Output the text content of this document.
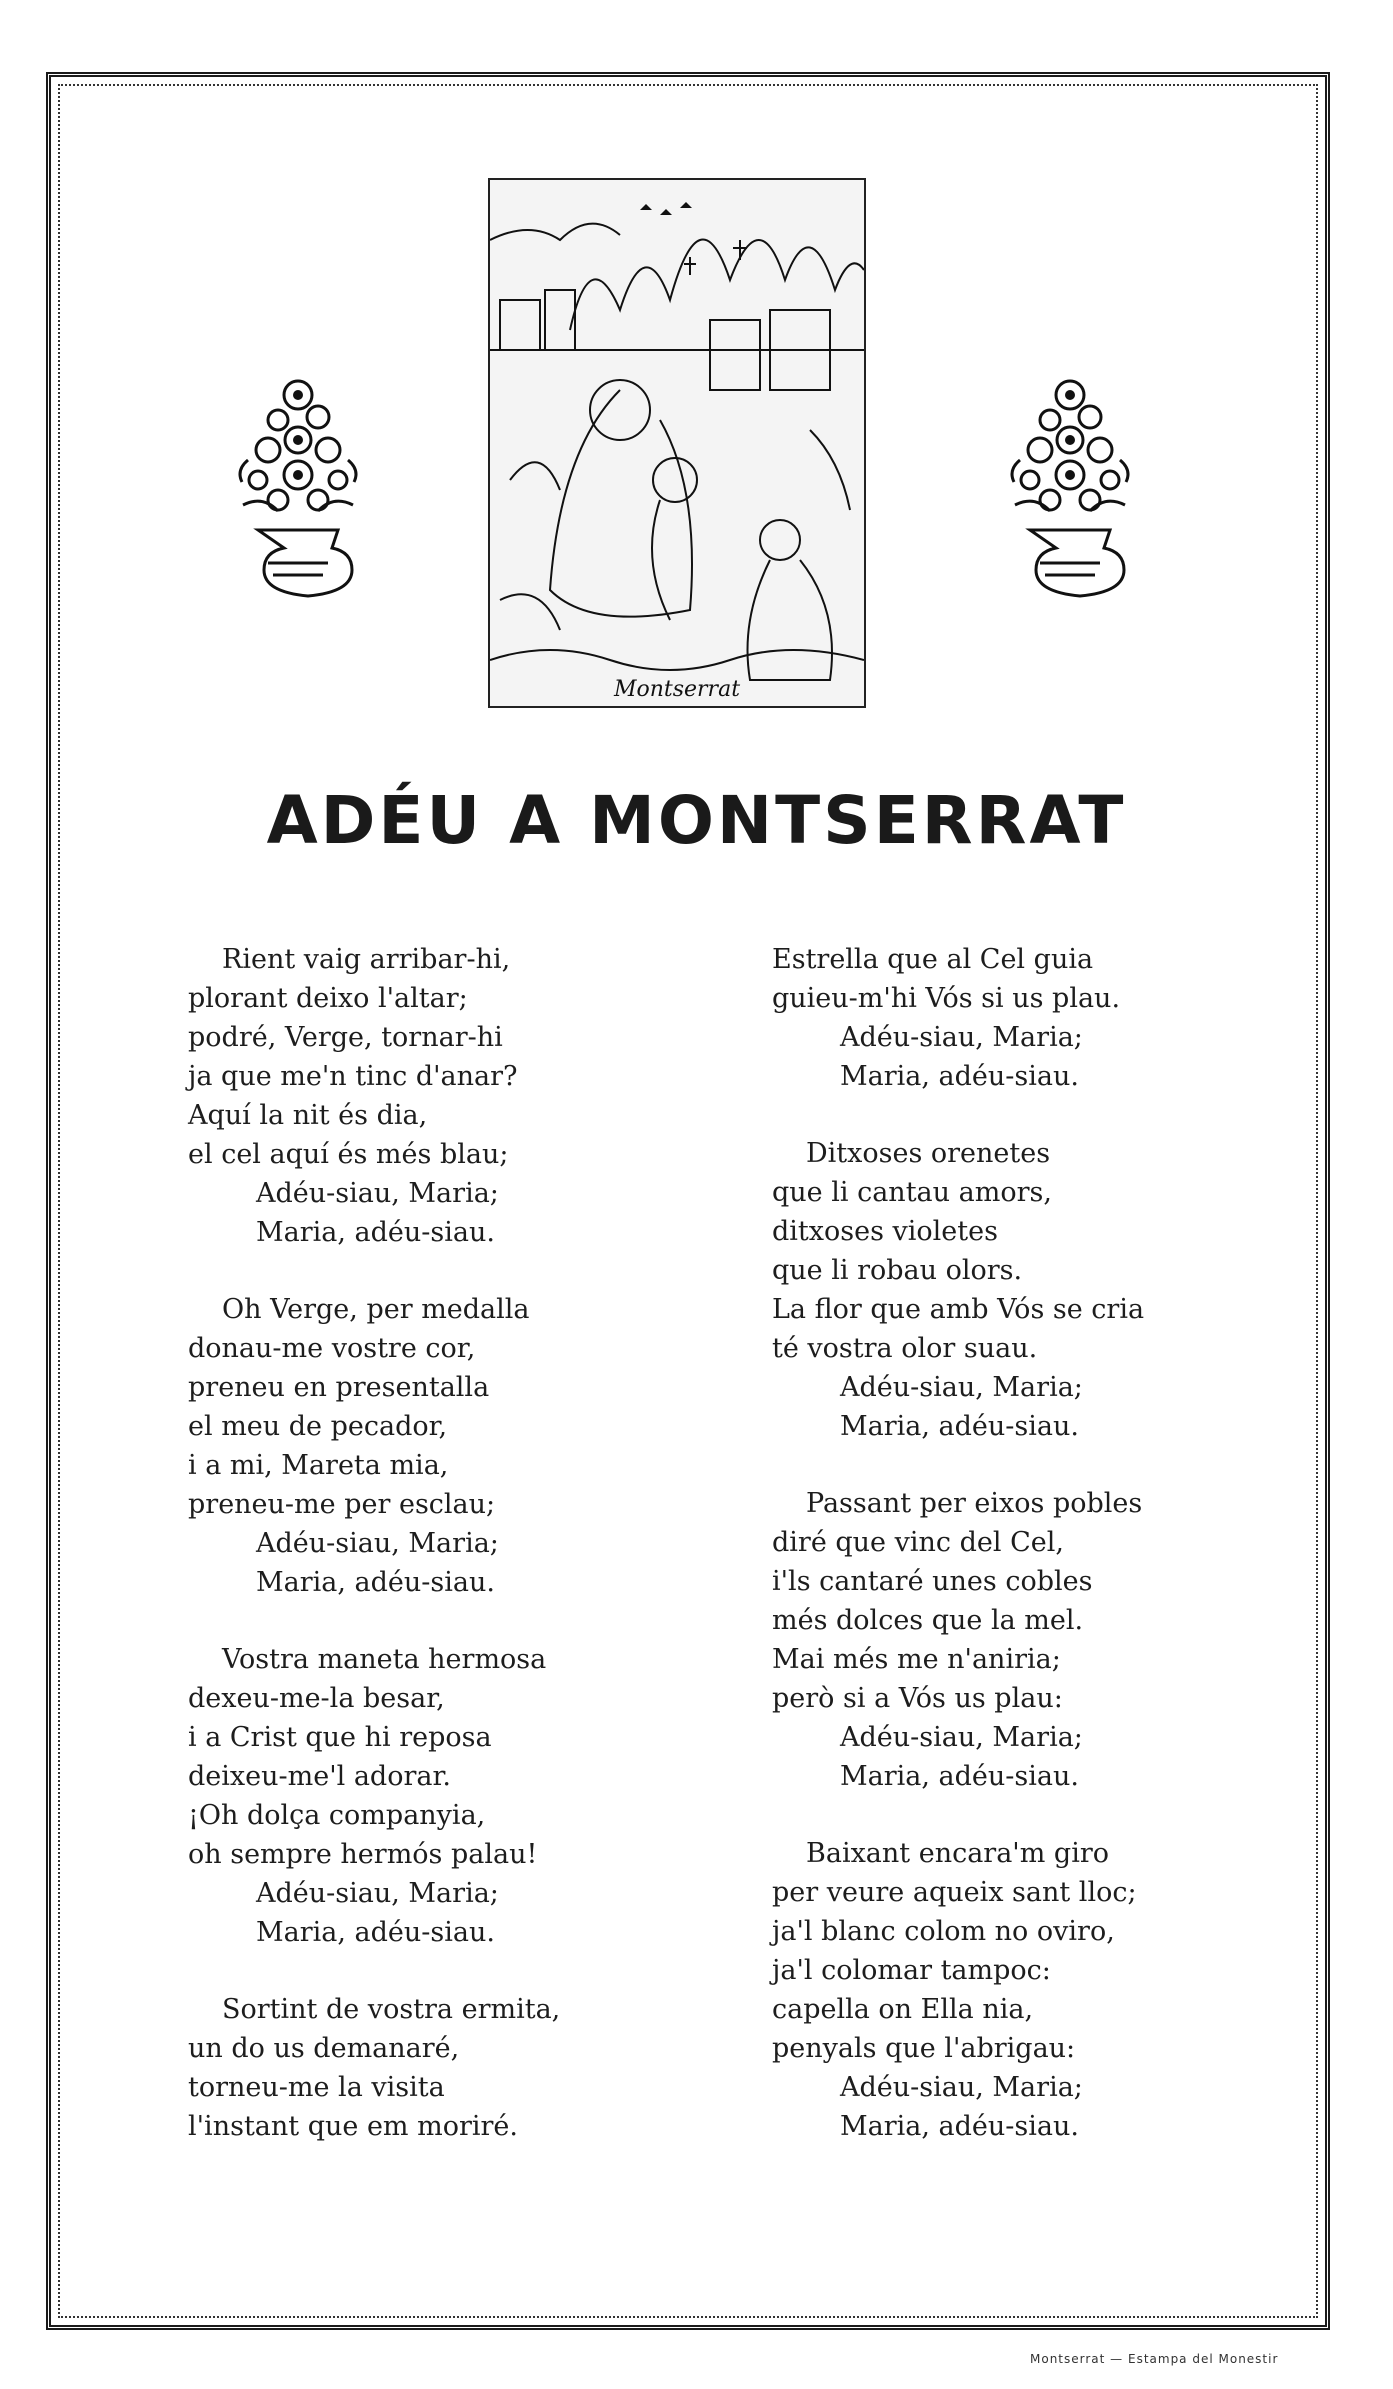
Montserrat
ADÉU A MONTSERRAT
Rient vaig arribar-hi,
plorant deixo l'altar;
podré, Verge, tornar-hi
ja que me'n tinc d'anar?
Aquí la nit és dia,
el cel aquí és més blau;
Adéu-siau, Maria;
Maria, adéu-siau.
Oh Verge, per medalla
donau-me vostre cor,
preneu en presentalla
el meu de pecador,
i a mi, Mareta mia,
preneu-me per esclau;
Adéu-siau, Maria;
Maria, adéu-siau.
Vostra maneta hermosa
dexeu-me-la besar,
i a Crist que hi reposa
deixeu-me'l adorar.
¡Oh dolça companyia,
oh sempre hermós palau!
Adéu-siau, Maria;
Maria, adéu-siau.
Sortint de vostra ermita,
un do us demanaré,
torneu-me la visita
l'instant que em moriré.
Estrella que al Cel guia
guieu-m'hi Vós si us plau.
Adéu-siau, Maria;
Maria, adéu-siau.
Ditxoses orenetes
que li cantau amors,
ditxoses violetes
que li robau olors.
La flor que amb Vós se cria
té vostra olor suau.
Adéu-siau, Maria;
Maria, adéu-siau.
Passant per eixos pobles
diré que vinc del Cel,
i'ls cantaré unes cobles
més dolces que la mel.
Mai més me n'aniria;
però si a Vós us plau:
Adéu-siau, Maria;
Maria, adéu-siau.
Baixant encara'm giro
per veure aqueix sant lloc;
ja'l blanc colom no oviro,
ja'l colomar tampoc:
capella on Ella nia,
penyals que l'abrigau:
Adéu-siau, Maria;
Maria, adéu-siau.
Montserrat — Estampa del Monestir
